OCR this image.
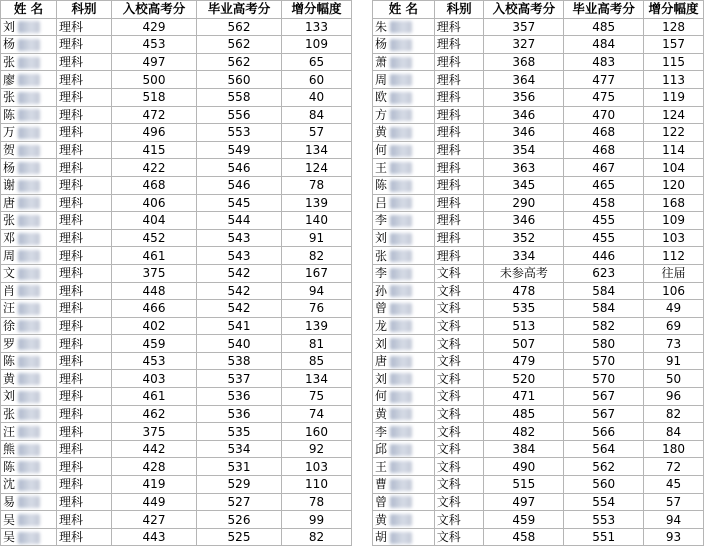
姓 名	科别	入校高考分	毕业高考分	增分幅度
刘	理科	429	562	133
杨	理科	453	562	109
张	理科	497	562	65
廖	理科	500	560	60
张	理科	518	558	40
陈	理科	472	556	84
万	理科	496	553	57
贺	理科	415	549	134
杨	理科	422	546	124
谢	理科	468	546	78
唐	理科	406	545	139
张	理科	404	544	140
邓	理科	452	543	91
周	理科	461	543	82
文	理科	375	542	167
肖	理科	448	542	94
汪	理科	466	542	76
徐	理科	402	541	139
罗	理科	459	540	81
陈	理科	453	538	85
黄	理科	403	537	134
刘	理科	461	536	75
张	理科	462	536	74
汪	理科	375	535	160
熊	理科	442	534	92
陈	理科	428	531	103
沈	理科	419	529	110
易	理科	449	527	78
吴	理科	427	526	99
吴	理科	443	525	82
姓 名	科别	入校高考分	毕业高考分	增分幅度
朱	理科	357	485	128
杨	理科	327	484	157
萧	理科	368	483	115
周	理科	364	477	113
欧	理科	356	475	119
方	理科	346	470	124
黄	理科	346	468	122
何	理科	354	468	114
王	理科	363	467	104
陈	理科	345	465	120
吕	理科	290	458	168
李	理科	346	455	109
刘	理科	352	455	103
张	理科	334	446	112
李	文科	未参高考	623	往届
孙	文科	478	584	106
曾	文科	535	584	49
龙	文科	513	582	69
刘	文科	507	580	73
唐	文科	479	570	91
刘	文科	520	570	50
何	文科	471	567	96
黄	文科	485	567	82
李	文科	482	566	84
邱	文科	384	564	180
王	文科	490	562	72
曹	文科	515	560	45
曾	文科	497	554	57
黄	文科	459	553	94
胡	文科	458	551	93
